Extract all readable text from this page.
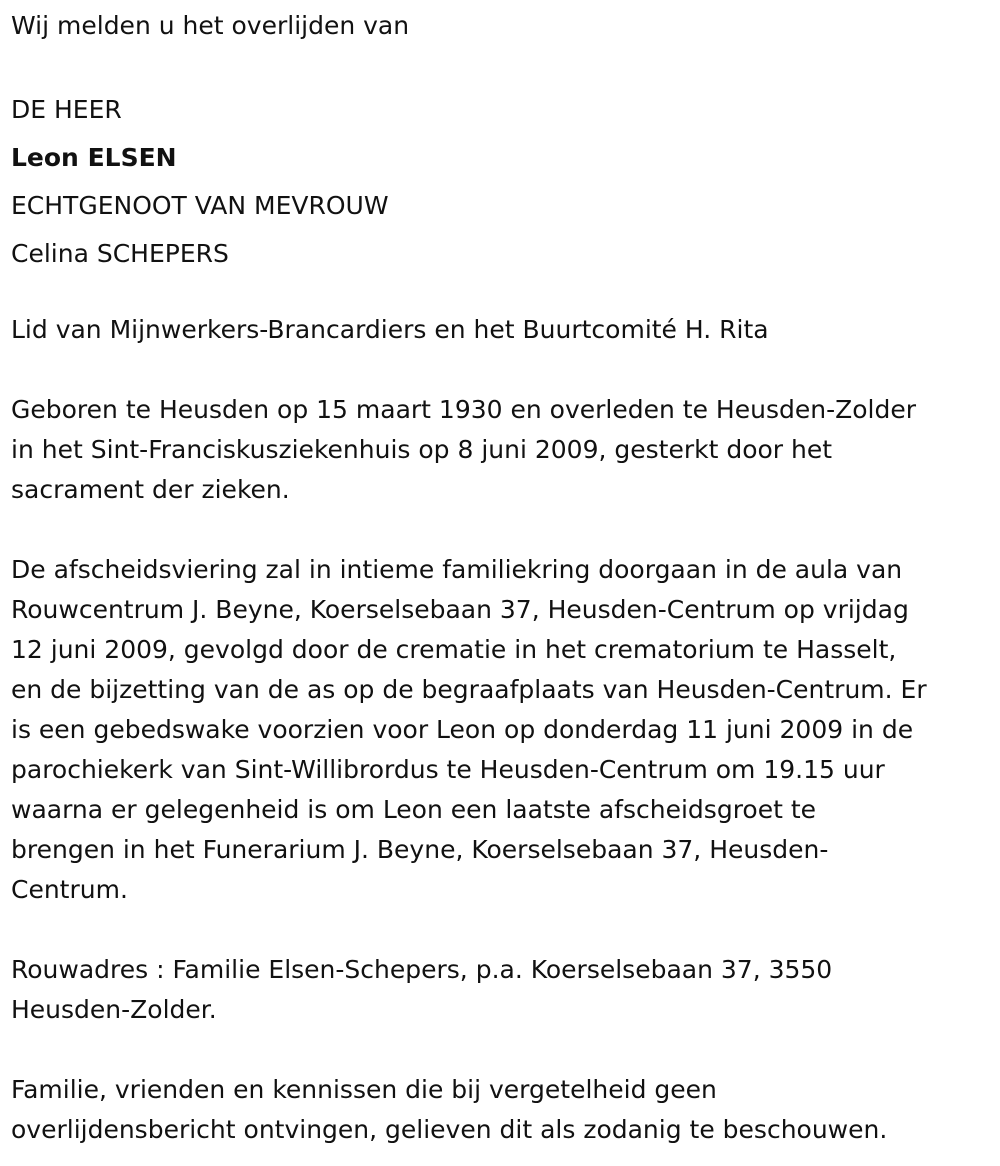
Wij melden u het overlijden van
DE HEER
Leon ELSEN
ECHTGENOOT VAN MEVROUW
Celina SCHEPERS
Lid van Mijnwerkers-Brancardiers en het Buurtcomité H. Rita
Geboren te Heusden op 15 maart 1930 en overleden te Heusden-Zolder
in het Sint-Franciskusziekenhuis op 8 juni 2009, gesterkt door het
sacrament der zieken.
De afscheidsviering zal in intieme familiekring doorgaan in de aula van
Rouwcentrum J. Beyne, Koerselsebaan 37, Heusden-Centrum op vrijdag
12 juni 2009, gevolgd door de crematie in het crematorium te Hasselt,
en de bijzetting van de as op de begraafplaats van Heusden-Centrum. Er
is een gebedswake voorzien voor Leon op donderdag 11 juni 2009 in de
parochiekerk van Sint-Willibrordus te Heusden-Centrum om 19.15 uur
waarna er gelegenheid is om Leon een laatste afscheidsgroet te
brengen in het Funerarium J. Beyne, Koerselsebaan 37, Heusden-
Centrum.
Rouwadres : Familie Elsen-Schepers, p.a. Koerselsebaan 37, 3550
Heusden-Zolder.
Familie, vrienden en kennissen die bij vergetelheid geen
overlijdensbericht ontvingen, gelieven dit als zodanig te beschouwen.
